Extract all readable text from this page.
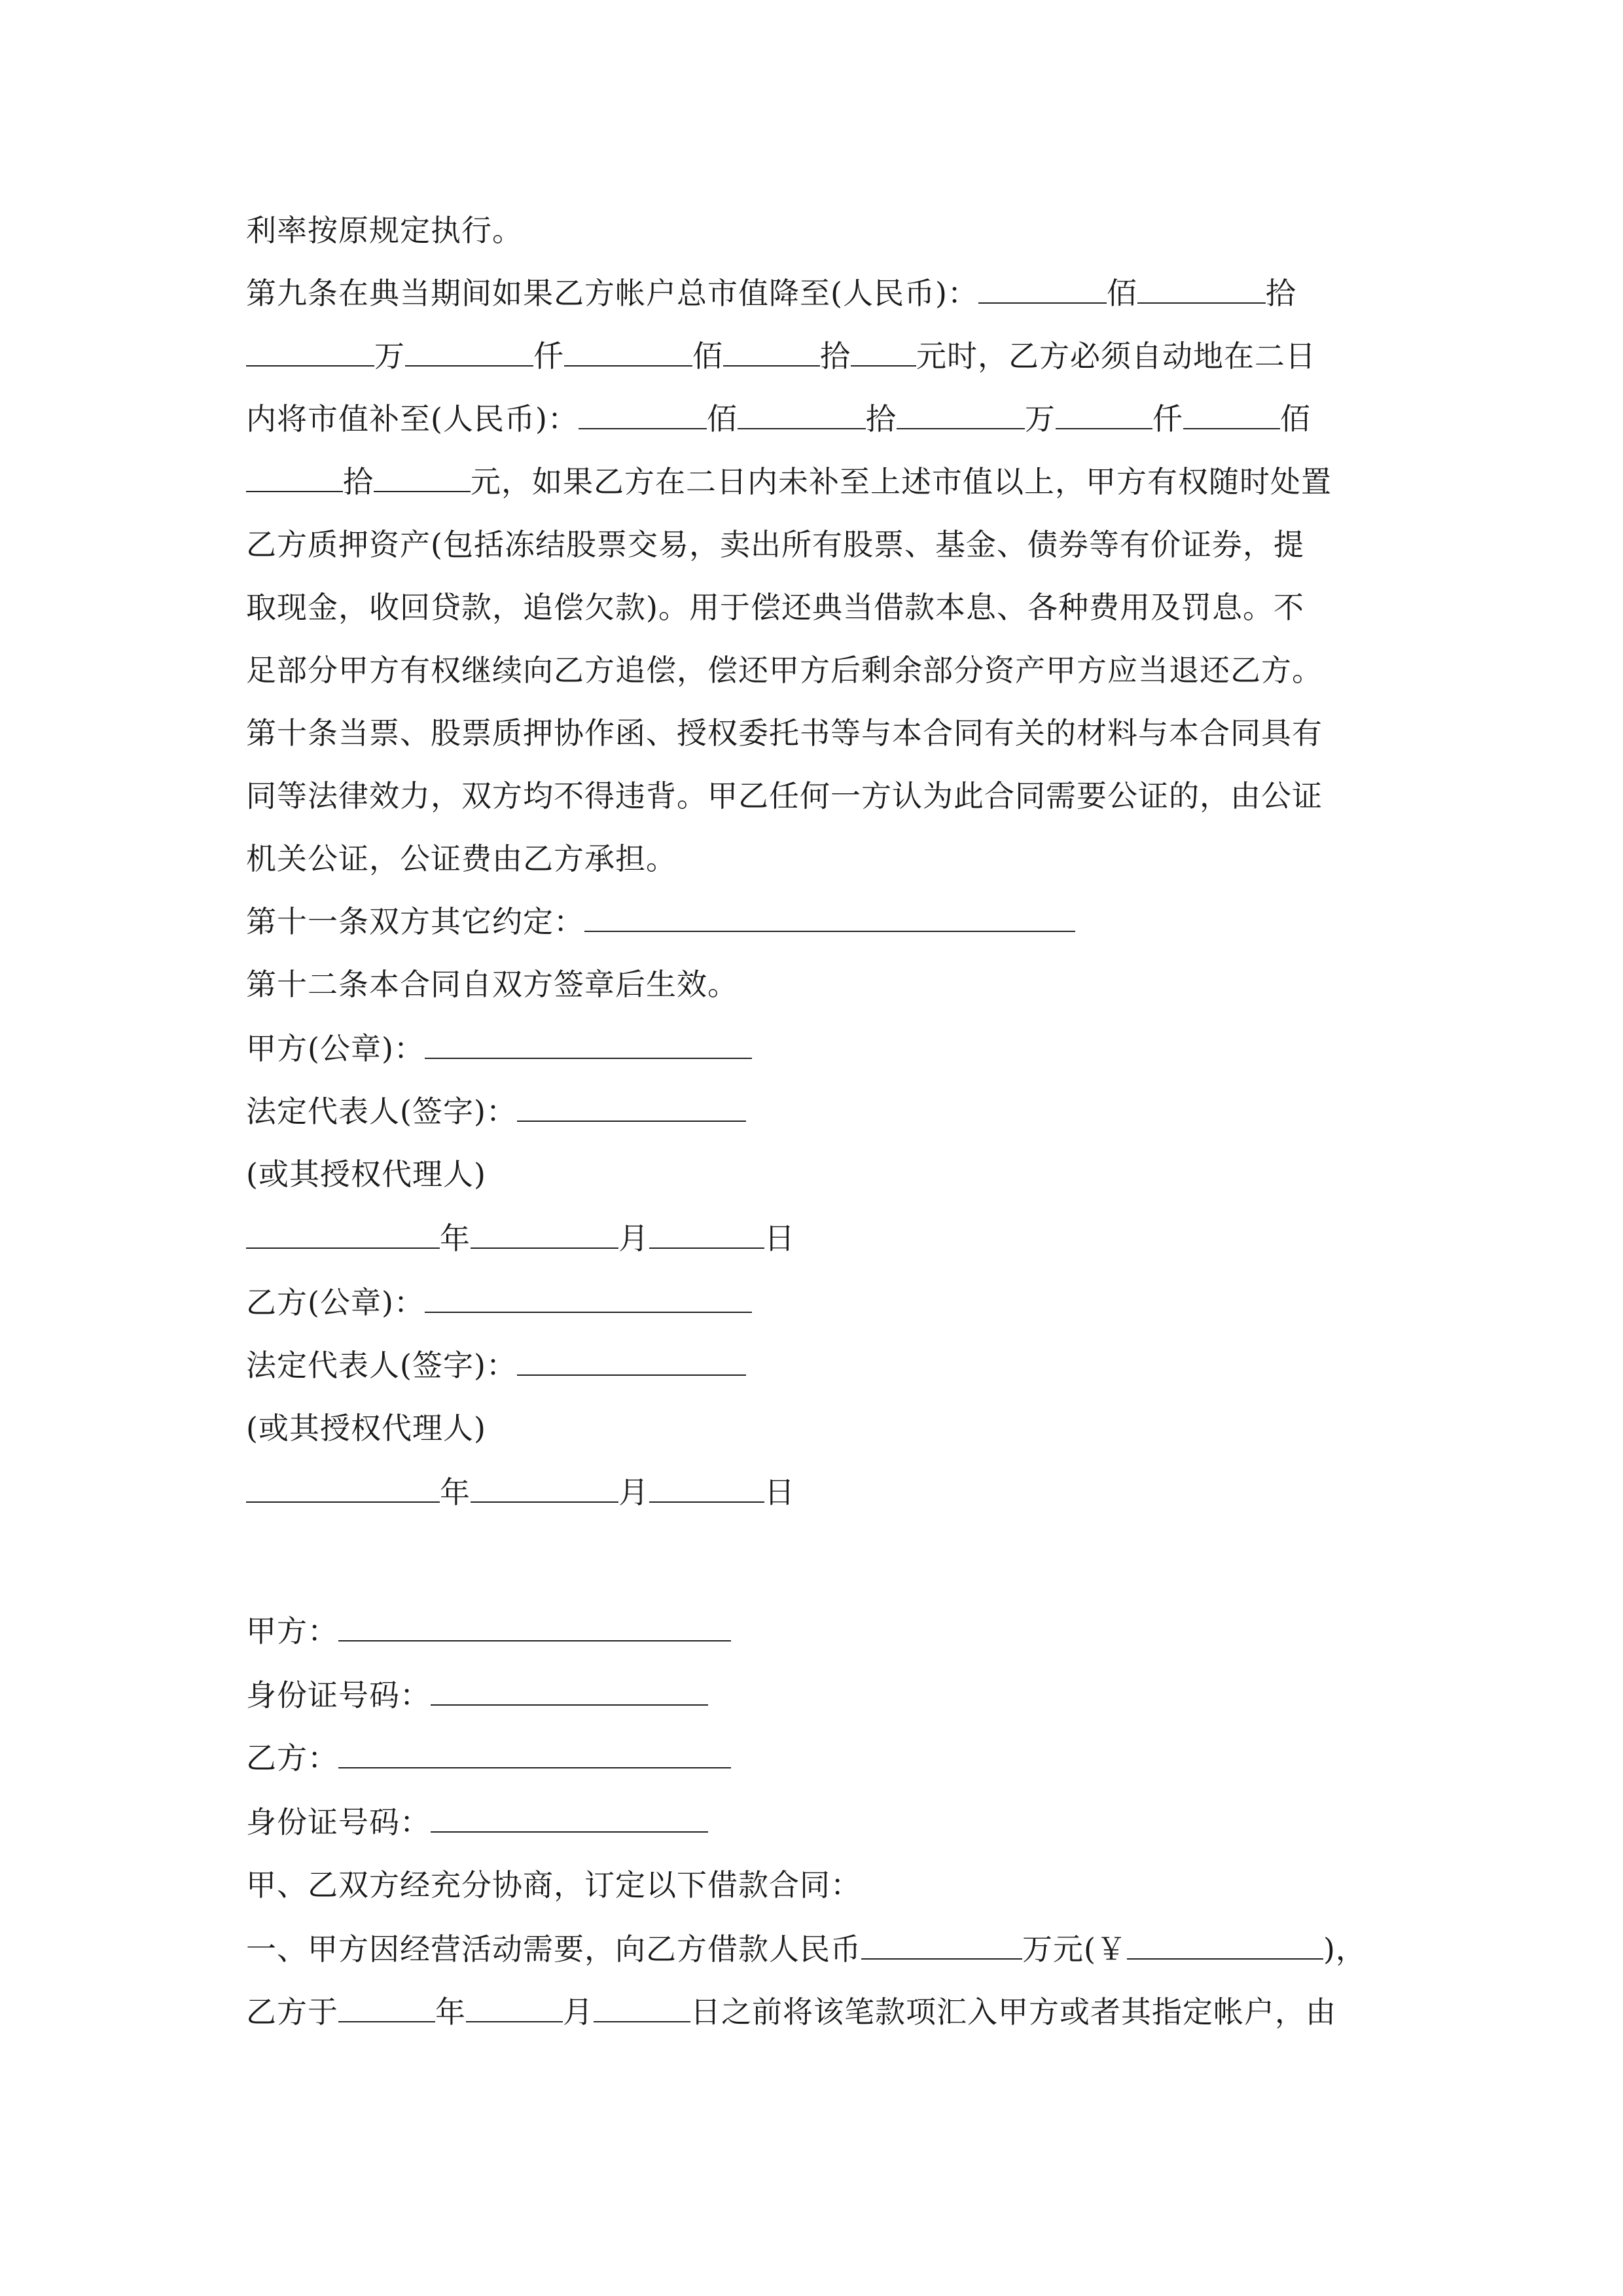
利率按原规定执行。
第九条在典当期间如果乙方帐户总市值降至(人民币)：	佰	拾
万	仟	佰	拾 元时，乙方必须自动地在二日
内将市值补至(人民币)：	佰	拾	万	仟	佰
拾	元，如果乙方在二日内未补至上述市值以上，甲方有权随时处置
乙方质押资产(包括冻结股票交易，卖出所有股票、基金、债券等有价证券，提
取现金，收回贷款，追偿欠款)。用于偿还典当借款本息、各种费用及罚息。不
足部分甲方有权继续向乙方追偿，偿还甲方后剩余部分资产甲方应当退还乙方。
第十条当票、股票质押协作函、授权委托书等与本合同有关的材料与本合同具有
同等法律效力，双方均不得违背。甲乙任何一方认为此合同需要公证的，由公证
机关公证，公证费由乙方承担。
第十一条双方其它约定：
第十二条本合同自双方签章后生效。
甲方(公章)：
法定代表人(签字)：
(或其授权代理人)
年	月	日
乙方(公章)：
法定代表人(签字)：
(或其授权代理人)
年	月	日
甲方：
身份证号码：
乙方：
身份证号码：
甲、乙双方经充分协商，订定以下借款合同：
一、甲方因经营活动需要，向乙方借款人民币	万元(￥	)，
乙方于	年	月	日之前将该笔款项汇入甲方或者其指定帐户，由
